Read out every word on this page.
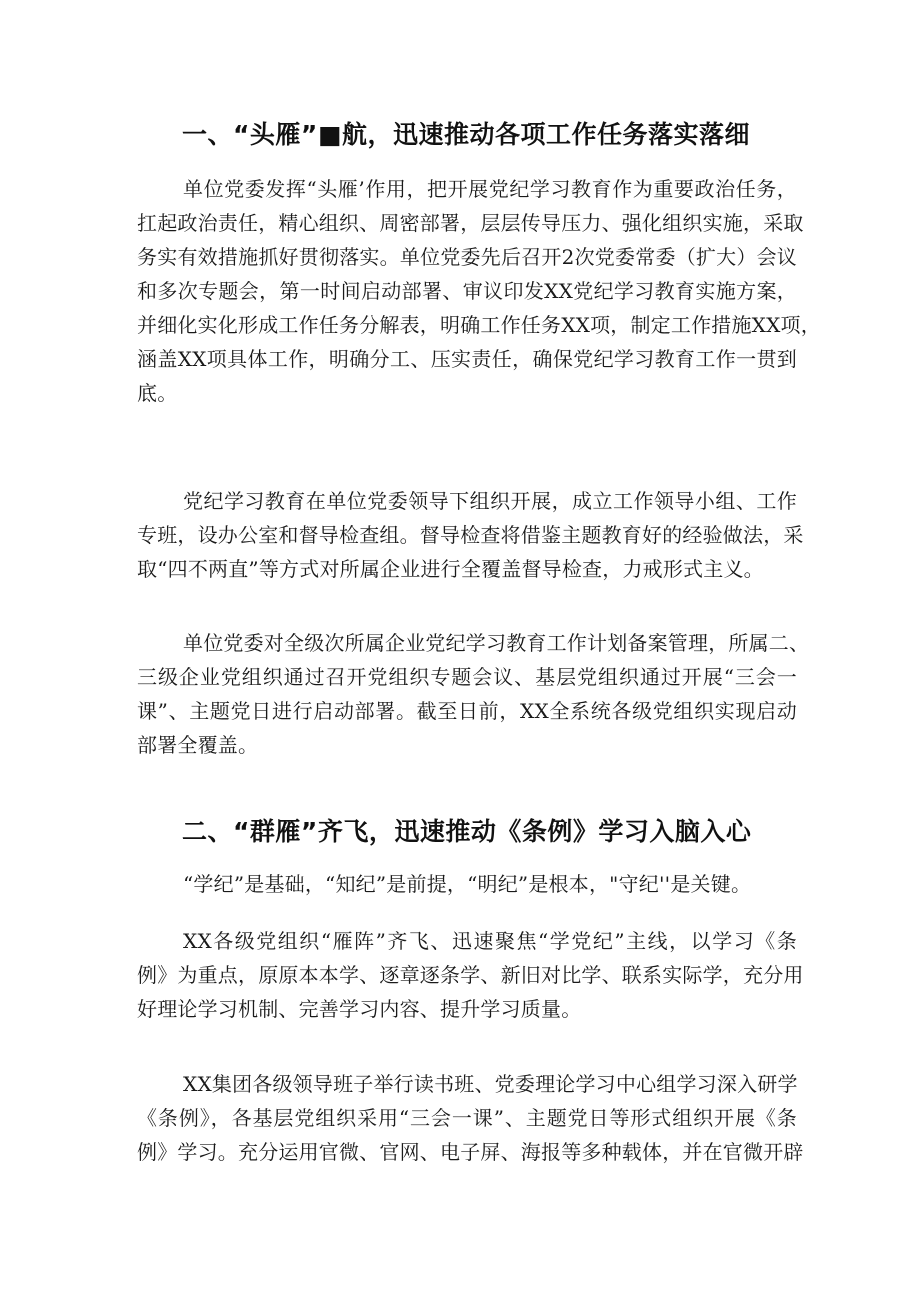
一、“头雁”■航，迅速推动各项工作任务落实落细
单位党委发挥“头雁’作用，把开展党纪学习教育作为重要政治任务，
扛起政治责任，精心组织、周密部署，层层传导压力、强化组织实施，采取
务实有效措施抓好贯彻落实。单位党委先后召开2次党委常委（扩大）会议
和多次专题会，第一时间启动部署、审议印发XX党纪学习教育实施方案，
并细化实化形成工作任务分解表，明确工作任务XX项，制定工作措施XX项，
涵盖XX项具体工作，明确分工、压实责任，确保党纪学习教育工作一贯到
底。
党纪学习教育在单位党委领导下组织开展，成立工作领导小组、工作
专班，设办公室和督导检查组。督导检查将借鉴主题教育好的经验做法，采
取“四不两直”等方式对所属企业进行全覆盖督导检查，力戒形式主义。
单位党委对全级次所属企业党纪学习教育工作计划备案管理，所属二、
三级企业党组织通过召开党组织专题会议、基层党组织通过开展“三会一
课”、主题党日进行启动部署。截至日前，XX全系统各级党组织实现启动
部署全覆盖。
二、“群雁”齐飞，迅速推动《条例》学习入脑入心
“学纪”是基础，“知纪”是前提，“明纪”是根本，"守纪''是关键。
XX各级党组织“雁阵”齐飞、迅速聚焦“学党纪”主线，以学习《条
例》为重点，原原本本学、逐章逐条学、新旧对比学、联系实际学，充分用
好理论学习机制、完善学习内容、提升学习质量。
XX集团各级领导班子举行读书班、党委理论学习中心组学习深入研学
《条例》，各基层党组织采用“三会一课”、主题党日等形式组织开展《条
例》学习。充分运用官微、官网、电子屏、海报等多种载体，并在官微开辟
